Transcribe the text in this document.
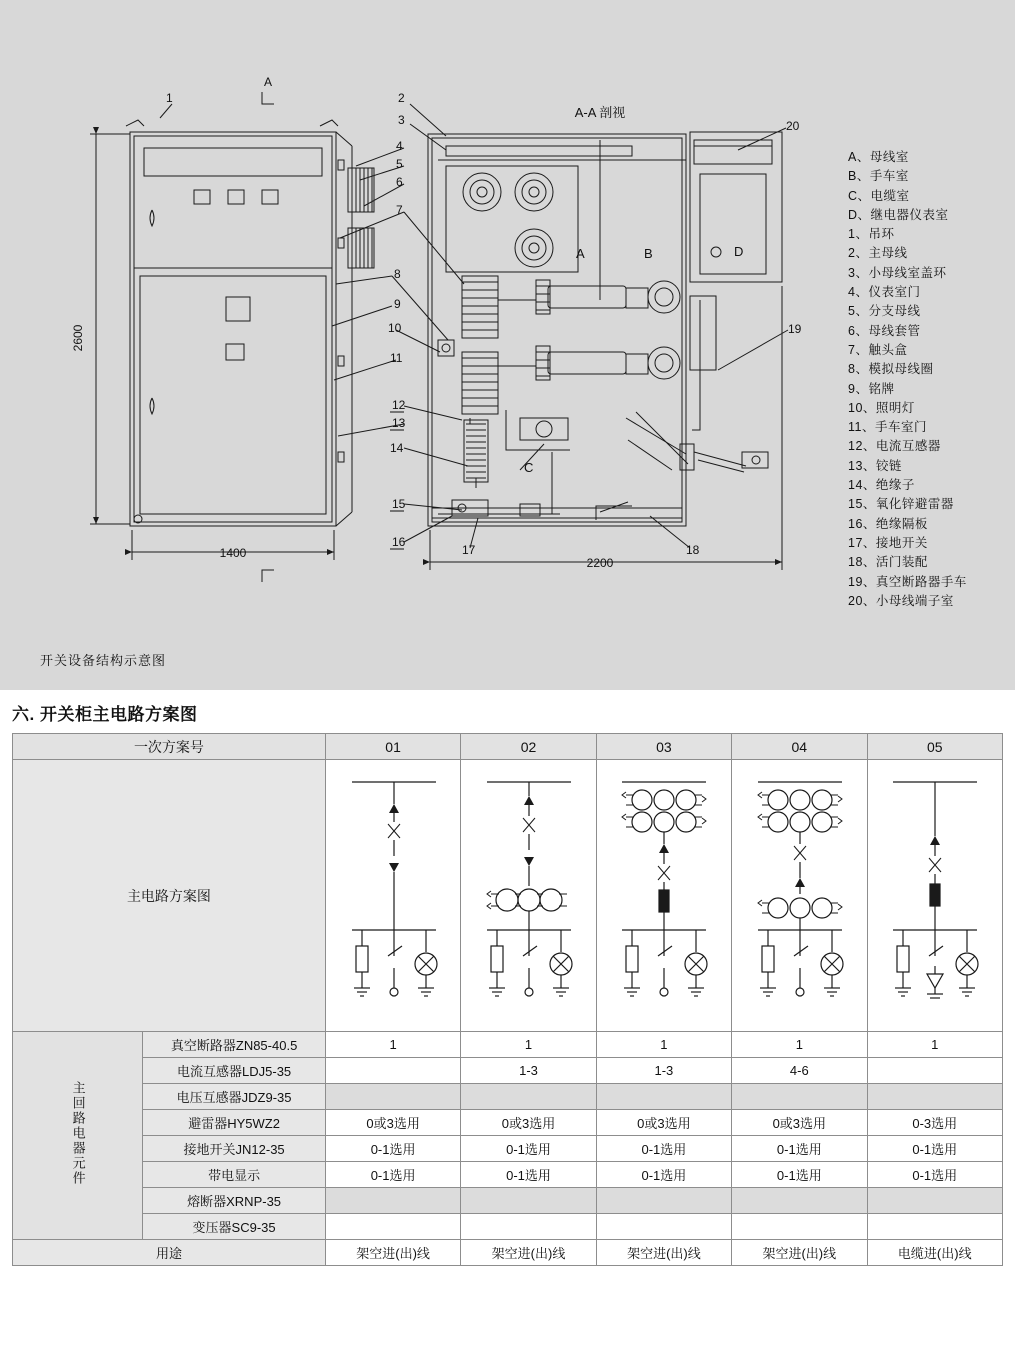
2600
1400
2200
A
A-A 剖视
A	B
C
D
1	2
3
4
5
6
7
8
9
10
11
12
13
14
15
16
17	18
19
20
A、母线室
B、手车室
C、电缆室
D、继电器仪表室
1、吊环
2、主母线
3、小母线室盖环
4、仪表室门
5、分支母线
6、母线套管
7、触头盒
8、模拟母线圈
9、铭牌
10、照明灯
11、手车室门
12、电流互感器
13、铰链
14、绝缘子
15、氧化锌避雷器
16、绝缘隔板
17、接地开关
18、活门装配
19、真空断路器手车
20、小母线端子室
开关设备结构示意图
六. 开关柜主电路方案图
一次方案号		01	02	03	04	05
主电路方案图					
主回路电器元件	真空断路器ZN85-40.5	1	1	1	1	1
	电流互感器LDJ5-35		1-3	1-3	4-6	
	电压互感器JDZ9-35					
	避雷器HY5WZ2	0或3选用	0或3选用	0或3选用	0或3选用	0-3选用
	接地开关JN12-35	0-1选用	0-1选用	0-1选用	0-1选用	0-1选用
	带电显示	0-1选用	0-1选用	0-1选用	0-1选用	0-1选用
	熔断器XRNP-35					
	变压器SC9-35					
用途		架空进(出)线	架空进(出)线	架空进(出)线	架空进(出)线	电缆进(出)线
